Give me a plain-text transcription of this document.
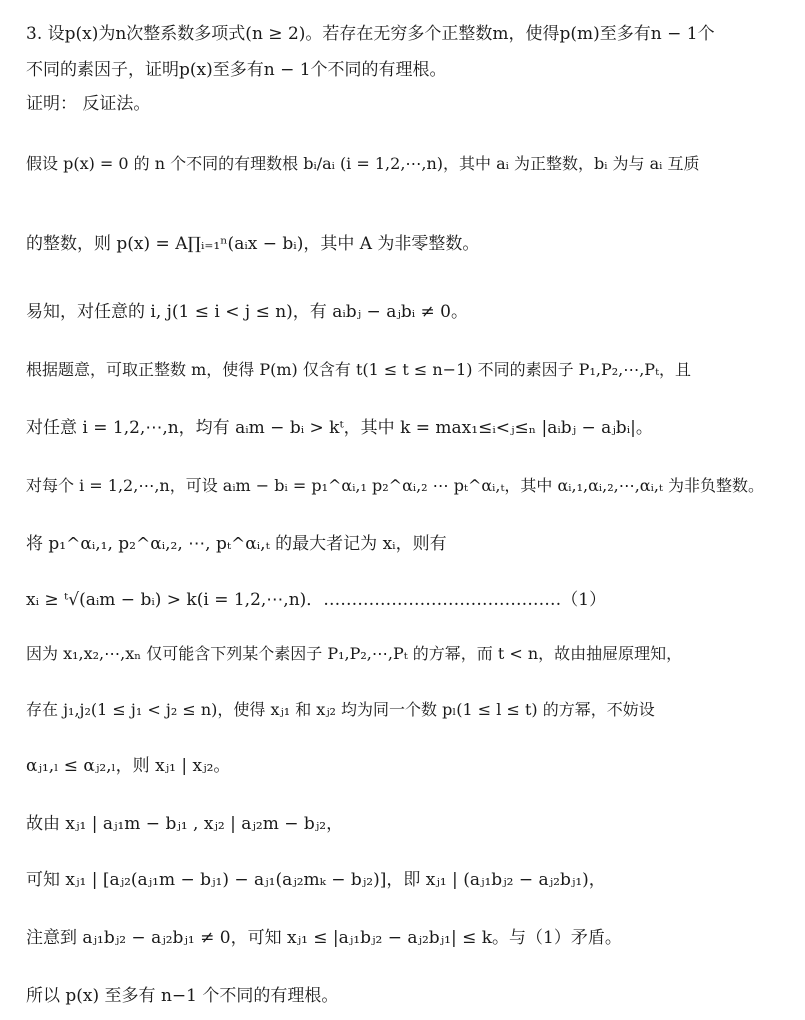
3. 设p(x)为n次整系数多项式(n ≥ 2)。若存在无穷多个正整数m，使得p(m)至多有n − 1个
不同的素因子，证明p(x)至多有n − 1个不同的有理根。
证明： 反证法。
假设 p(x) = 0 的 n 个不同的有理数根 bᵢ/aᵢ (i = 1,2,⋯,n)，其中 aᵢ 为正整数，bᵢ 为与 aᵢ 互质
的整数，则 p(x) = A∏ᵢ₌₁ⁿ(aᵢx − bᵢ)，其中 A 为非零整数。
易知，对任意的 i, j(1 ≤ i < j ≤ n)，有 aᵢbⱼ − aⱼbᵢ ≠ 0。
根据题意，可取正整数 m，使得 P(m) 仅含有 t(1 ≤ t ≤ n−1) 不同的素因子 P₁,P₂,⋯,Pₜ，且
对任意 i = 1,2,⋯,n，均有 aᵢm − bᵢ > kᵗ，其中 k = max₁≤ᵢ<ⱼ≤ₙ |aᵢbⱼ − aⱼbᵢ|。
对每个 i = 1,2,⋯,n，可设 aᵢm − bᵢ = p₁^αᵢ,₁ p₂^αᵢ,₂ ⋯ pₜ^αᵢ,ₜ，其中 αᵢ,₁,αᵢ,₂,⋯,αᵢ,ₜ 为非负整数。
将 p₁^αᵢ,₁, p₂^αᵢ,₂, ⋯, pₜ^αᵢ,ₜ 的最大者记为 xᵢ，则有
xᵢ ≥ ᵗ√(aᵢm − bᵢ) > k(i = 1,2,⋯,n)．……………………………………（1）
因为 x₁,x₂,⋯,xₙ 仅可能含下列某个素因子 P₁,P₂,⋯,Pₜ 的方幂，而 t < n，故由抽屉原理知，
存在 j₁,j₂(1 ≤ j₁ < j₂ ≤ n)，使得 xⱼ₁ 和 xⱼ₂ 均为同一个数 pₗ(1 ≤ l ≤ t) 的方幂，不妨设
αⱼ₁,ₗ ≤ αⱼ₂,ₗ，则 xⱼ₁ | xⱼ₂。
故由 xⱼ₁ | aⱼ₁m − bⱼ₁ , xⱼ₂ | aⱼ₂m − bⱼ₂，
可知 xⱼ₁ | [aⱼ₂(aⱼ₁m − bⱼ₁) − aⱼ₁(aⱼ₂mₖ − bⱼ₂)]，即 xⱼ₁ | (aⱼ₁bⱼ₂ − aⱼ₂bⱼ₁)，
注意到 aⱼ₁bⱼ₂ − aⱼ₂bⱼ₁ ≠ 0，可知 xⱼ₁ ≤ |aⱼ₁bⱼ₂ − aⱼ₂bⱼ₁| ≤ k。与（1）矛盾。
所以 p(x) 至多有 n−1 个不同的有理根。
